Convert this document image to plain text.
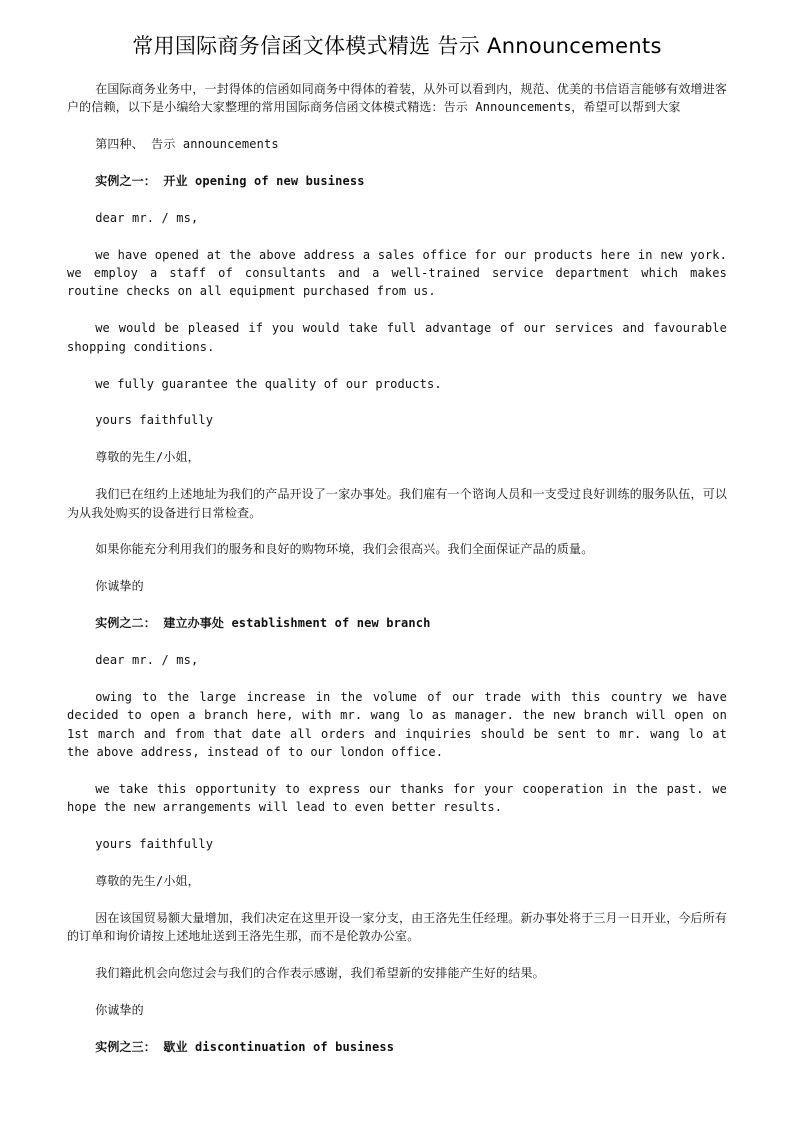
常用国际商务信函文体模式精选 告示 Announcements

在国际商务业务中，一封得体的信函如同商务中得体的着装，从外可以看到内，规范、优美的书信语言能够有效增进客户的信赖，以下是小编给大家整理的常用国际商务信函文体模式精选：告示 Announcements，希望可以帮到大家

第四种、 告示 announcements

实例之一： 开业 opening of new business

dear mr. / ms,

we have opened at the above address a sales office for our products here in new york. we employ a staff of consultants and a well-trained service department which makes routine checks on all equipment purchased from us.

we would be pleased if you would take full advantage of our services and favourable shopping conditions.

we fully guarantee the quality of our products.

yours faithfully

尊敬的先生/小姐，

我们已在纽约上述地址为我们的产品开设了一家办事处。我们雇有一个谘询人员和一支受过良好训练的服务队伍，可以为从我处购买的设备进行日常检查。

如果你能充分利用我们的服务和良好的购物环境，我们会很高兴。我们全面保证产品的质量。

你诚挚的

实例之二： 建立办事处 establishment of new branch

dear mr. / ms,

owing to the large increase in the volume of our trade with this country we have decided to open a branch here, with mr. wang lo as manager. the new branch will open on 1st march and from that date all orders and inquiries should be sent to mr. wang lo at the above address, instead of to our london office.

we take this opportunity to express our thanks for your cooperation in the past. we hope the new arrangements will lead to even better results.

yours faithfully

尊敬的先生/小姐，

因在该国贸易额大量增加，我们决定在这里开设一家分支，由王洛先生任经理。新办事处将于三月一日开业，今后所有的订单和询价请按上述地址送到王洛先生那，而不是伦敦办公室。

我们籍此机会向您过会与我们的合作表示感谢，我们希望新的安排能产生好的结果。

你诚挚的

实例之三： 歇业 discontinuation of business
